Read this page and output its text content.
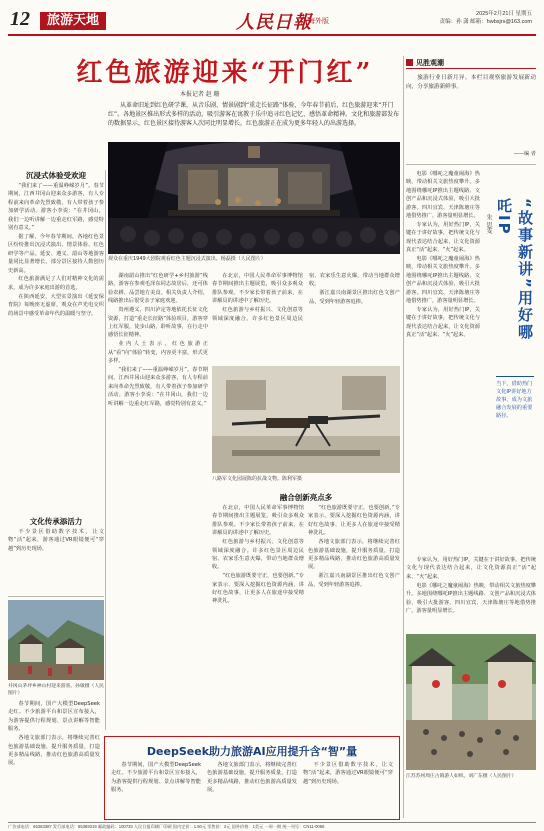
12	旅游天地	人民日報
海外版
2025年2月21日 星期五
责编：孙 潇 邮箱：hwbsjrs@163.com
红色旅游迎来“开门红”
本报记者 赵 珊
从革命旧址到红色研学课，从音乐剧、情景剧到“重走长征路”体验，今年春节前后，红色旅游迎来“开门红”。各地景区推出形式多样的活动，吸引游客在寓教于乐中追寻红色记忆、感悟革命精神。文化和旅游部发布的数据显示，红色景区接待游客人次同比明显增长，红色旅游正在成为更多年轻人的出游选择。
观众在重庆1949大剧院观看红色主题沉浸式演出。杨磊摄（人民图片）
沉浸式体验受欢迎

“我们来了——重温峥嵘岁月”。春节期间，江西井冈山迎来众多游客，有人专程前来向革命先烈致敬，有人带着孩子参加研学活动。游客小李说：“在井冈山，我们一边听讲解一边重走红军路，感觉特别有意义。”

据了解，今年春节期间，各地红色景区纷纷推出沉浸式演出、情景体验、红色研学等产品。延安、遵义、韶山等地游客量同比显著增长，部分景区接待人数创历史新高。

红色旅游满足了人们对精神文化的需求，成为许多家庭出游的首选。

在陕西延安，大型实景演出《延安保育院》每晚座无虚席，观众在声光电交织的场景中感受革命年代的温暖与坚守。

文化传承添活力

不少景区借助数字技术，让文物“活”起来，游客通过VR眼镜便可“穿越”到历史现场。

井冈山茅坪乡神山村迎来游客。孙敏摄（人民图片）

湖南韶山推出“红色研学+乡村旅游”线路，游客在参观毛泽东同志故居后，还可体验农耕、品尝地方美食。相关负责人介绍，线路推出后很受亲子家庭欢迎。

贵州遵义、四川泸定等地依托长征文化资源，打造“重走长征路”体验项目，游客穿上红军服，徒步山路，聆听故事，在行走中感悟长征精神。

业内人士表示，红色旅游正从“看”向“体验”转变，内容更丰富，形式更多样。

“我们来了——重温峥嵘岁月”。春节期间，江西井冈山迎来众多游客，有人专程前来向革命先烈致敬，有人带着孩子参加研学活动。游客小李说：“在井冈山，我们一边听讲解一边重走红军路，感觉特别有意义。”

在北京，中国人民革命军事博物馆春节期间推出主题展览，吸引众多观众排队参观。不少家长带着孩子前来，在讲解员的讲述中了解历史。

红色旅游与乡村振兴、文化创意等领域深度融合。许多红色景区周边民宿、农家乐生意火爆，带动当地群众增收。

浙江嘉兴南湖景区推出红色文创产品，受到年轻游客追捧。

八路军文化园展陈的抗战文物。陈利军摄
融合创新亮点多

在北京，中国人民革命军事博物馆春节期间推出主题展览，吸引众多观众排队参观。不少家长带着孩子前来，在讲解员的讲述中了解历史。

红色旅游与乡村振兴、文化创意等领域深度融合。许多红色景区周边民宿、农家乐生意火爆，带动当地群众增收。

“红色旅游既要守正，也要创新。”专家表示，要深入挖掘红色资源内涵，讲好红色故事，让更多人在旅途中接受精神洗礼。

“红色旅游既要守正，也要创新。”专家表示，要深入挖掘红色资源内涵，讲好红色故事，让更多人在旅途中接受精神洗礼。

各地文旅部门表示，将继续完善红色旅游基础设施，提升服务质量，打造更多精品线路，推动红色旅游高质量发展。

浙江嘉兴南湖景区推出红色文创产品，受到年轻游客追捧。

DeepSeek助力旅游AI应用提升含“智”量

春节期间，国产大模型DeepSeek走红。不少旅游平台和景区宣布接入，为游客提供行程规划、景点讲解等智能服务。

各地文旅部门表示，将继续完善红色旅游基础设施，提升服务质量，打造更多精品线路，推动红色旅游高质量发展。

不少景区借助数字技术，让文物“活”起来，游客通过VR眼镜便可“穿越”到历史现场。

春节期间，国产大模型DeepSeek走红。不少旅游平台和景区宣布接入，为游客提供行程规划、景点讲解等智能服务。

各地文旅部门表示，将继续完善红色旅游基础设施，提升服务质量，打造更多精品线路，推动红色旅游高质量发展。

见胜观潮

旅游行业日新月异。本栏目观察旅游发展新动向，分享旅游新鲜事。

——编 者

电影《哪吒之魔童闹海》热映，带动相关文旅热度攀升。多地围绕哪吒IP推出主题线路、文创产品和沉浸式体验，吸引大批游客。四川宜宾、天津陈塘庄等地借势推广，游客量明显增长。

专家认为，用好热门IP，关键在于讲好故事，把传统文化与现代表达结合起来，让文化资源真正“活”起来、“火”起来。

电影《哪吒之魔童闹海》热映，带动相关文旅热度攀升。多地围绕哪吒IP推出主题线路、文创产品和沉浸式体验，吸引大批游客。四川宜宾、天津陈塘庄等地借势推广，游客量明显增长。

专家认为，用好热门IP，关键在于讲好故事，把传统文化与现代表达结合起来，让文化资源真正“活”起来、“火”起来。	“故事新讲”用好哪吒IP
朱 思雯
当下，借助热门文化IP讲好地方故事，成为文旅融合发展的重要路径。

专家认为，用好热门IP，关键在于讲好故事，把传统文化与现代表达结合起来，让文化资源真正“活”起来、“火”起来。

电影《哪吒之魔童闹海》热映，带动相关文旅热度攀升。多地围绕哪吒IP推出主题线路、文创产品和沉浸式体验，吸引大批游客。四川宜宾、天津陈塘庄等地借势推广，游客量明显增长。

江苏苏州周庄古镇游人如织。刘广东摄（人民图片）
广告部电话：65363387 发行部电话：65369319 邮政编码：100733 人民日报印刷厂印刷 国内定价：1.50元 零售价：2元 国外价格：1美元 一周一期 统一刊号：CN11-0066
